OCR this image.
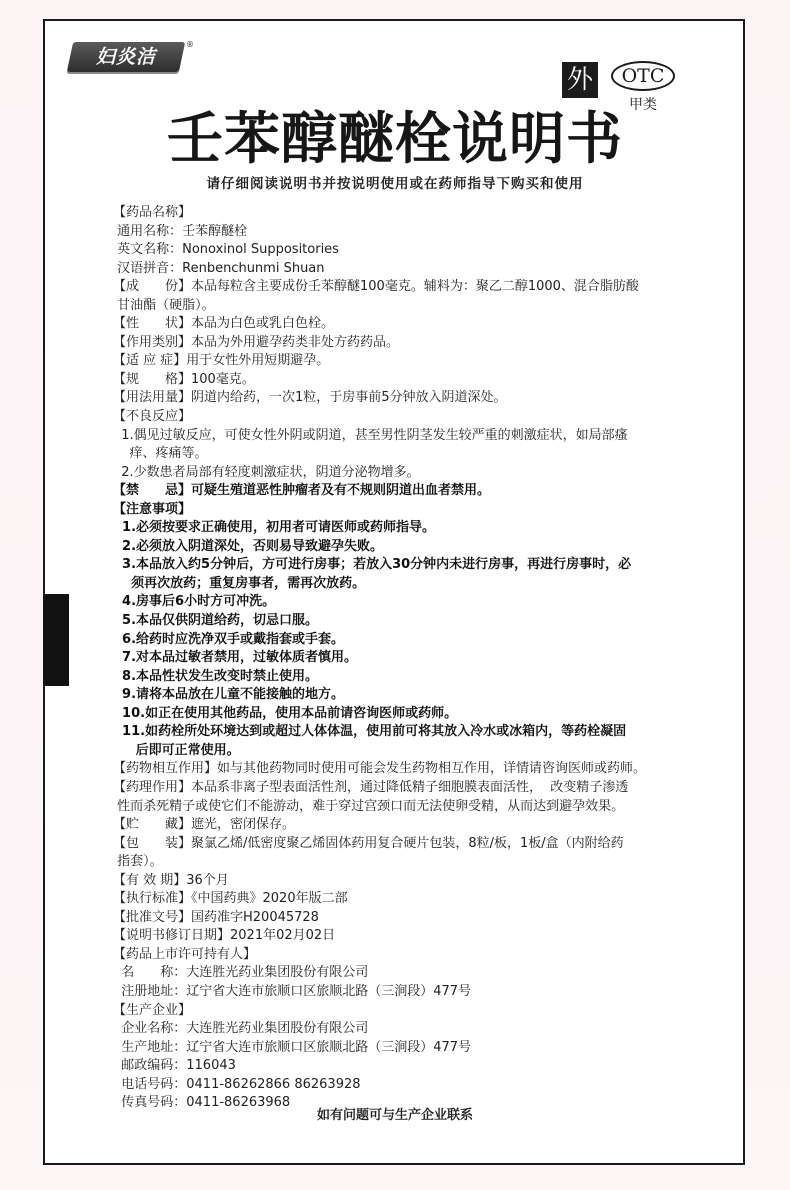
妇炎洁
®
外	OTC
甲类
壬苯醇醚栓说明书
请仔细阅读说明书并按说明使用或在药师指导下购买和使用
【药品名称】
通用名称：壬苯醇醚栓
英文名称：Nonoxinol Suppositories
汉语拼音：Renbenchunmi Shuan
【成　　份】本品每粒含主要成份壬苯醇醚100毫克。辅料为：聚乙二醇1000、混合脂肪酸
甘油酯（硬脂）。
【性　　状】本品为白色或乳白色栓。
【作用类别】本品为外用避孕药类非处方药药品。
【适 应 症】用于女性外用短期避孕。
【规　　格】100毫克。
【用法用量】阴道内给药，一次1粒，于房事前5分钟放入阴道深处。
【不良反应】
1.偶见过敏反应，可使女性外阴或阴道，甚至男性阴茎发生较严重的刺激症状，如局部瘙
痒、疼痛等。
2.少数患者局部有轻度刺激症状，阴道分泌物增多。
【禁　　忌】可疑生殖道恶性肿瘤者及有不规则阴道出血者禁用。
【注意事项】
1.必须按要求正确使用，初用者可请医师或药师指导。
2.必须放入阴道深处，否则易导致避孕失败。
3.本品放入约5分钟后，方可进行房事；若放入30分钟内未进行房事，再进行房事时，必
须再次放药；重复房事者，需再次放药。
4.房事后6小时方可冲洗。
5.本品仅供阴道给药，切忌口服。
6.给药时应洗净双手或戴指套或手套。
7.对本品过敏者禁用，过敏体质者慎用。
8.本品性状发生改变时禁止使用。
9.请将本品放在儿童不能接触的地方。
10.如正在使用其他药品，使用本品前请咨询医师或药师。
11.如药栓所处环境达到或超过人体体温，使用前可将其放入冷水或冰箱内，等药栓凝固
后即可正常使用。
【药物相互作用】如与其他药物同时使用可能会发生药物相互作用，详情请咨询医师或药师。
【药理作用】本品系非离子型表面活性剂，通过降低精子细胞膜表面活性，  改变精子渗透
性而杀死精子或使它们不能游动，难于穿过宫颈口而无法使卵受精，从而达到避孕效果。
【贮　　藏】遮光，密闭保存。
【包　　装】聚氯乙烯/低密度聚乙烯固体药用复合硬片包装，8粒/板，1板/盒（内附给药
指套）。
【有 效 期】36个月
【执行标准】《中国药典》2020年版二部
【批准文号】国药准字H20045728
【说明书修订日期】2021年02月02日
【药品上市许可持有人】
名　　称：大连胜光药业集团股份有限公司
注册地址：辽宁省大连市旅顺口区旅顺北路（三涧段）477号
【生产企业】
企业名称：大连胜光药业集团股份有限公司
生产地址：辽宁省大连市旅顺口区旅顺北路（三涧段）477号
邮政编码：116043
电话号码：0411-86262866 86263928
传真号码：0411-86263968
如有问题可与生产企业联系
